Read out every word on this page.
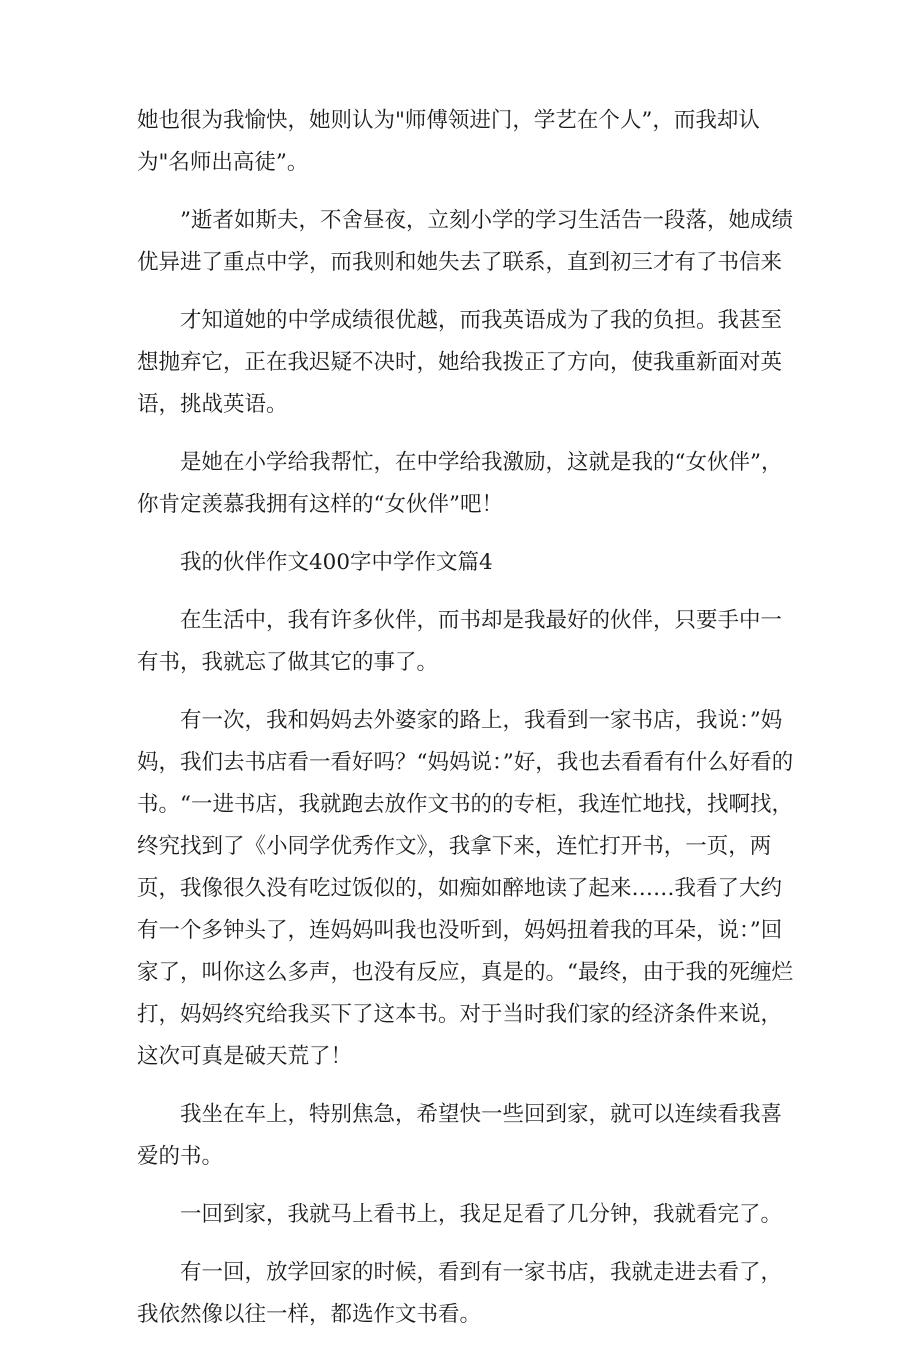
她也很为我愉快，她则认为"师傅领进门，学艺在个人”，而我却认为"名师出高徒”。

”逝者如斯夫，不舍昼夜，立刻小学的学习生活告一段落，她成绩优异进了重点中学，而我则和她失去了联系，直到初三才有了书信来

才知道她的中学成绩很优越，而我英语成为了我的负担。我甚至想抛弃它，正在我迟疑不决时，她给我拨正了方向，使我重新面对英语，挑战英语。

是她在小学给我帮忙，在中学给我激励，这就是我的“女伙伴”，你肯定羡慕我拥有这样的“女伙伴”吧！

我的伙伴作文400字中学作文篇4

在生活中，我有许多伙伴，而书却是我最好的伙伴，只要手中一有书，我就忘了做其它的事了。

有一次，我和妈妈去外婆家的路上，我看到一家书店，我说：”妈妈，我们去书店看一看好吗？“妈妈说：”好，我也去看看有什么好看的书。“一进书店，我就跑去放作文书的的专柜，我连忙地找，找啊找，终究找到了《小同学优秀作文》，我拿下来，连忙打开书，一页，两页，我像很久没有吃过饭似的，如痴如醉地读了起来……我看了大约有一个多钟头了，连妈妈叫我也没听到，妈妈扭着我的耳朵，说：”回家了，叫你这么多声，也没有反应，真是的。“最终，由于我的死缠烂打，妈妈终究给我买下了这本书。对于当时我们家的经济条件来说，这次可真是破天荒了！

我坐在车上，特别焦急，希望快一些回到家，就可以连续看我喜爱的书。

一回到家，我就马上看书上，我足足看了几分钟，我就看完了。

有一回，放学回家的时候，看到有一家书店，我就走进去看了，我依然像以往一样，都选作文书看。
